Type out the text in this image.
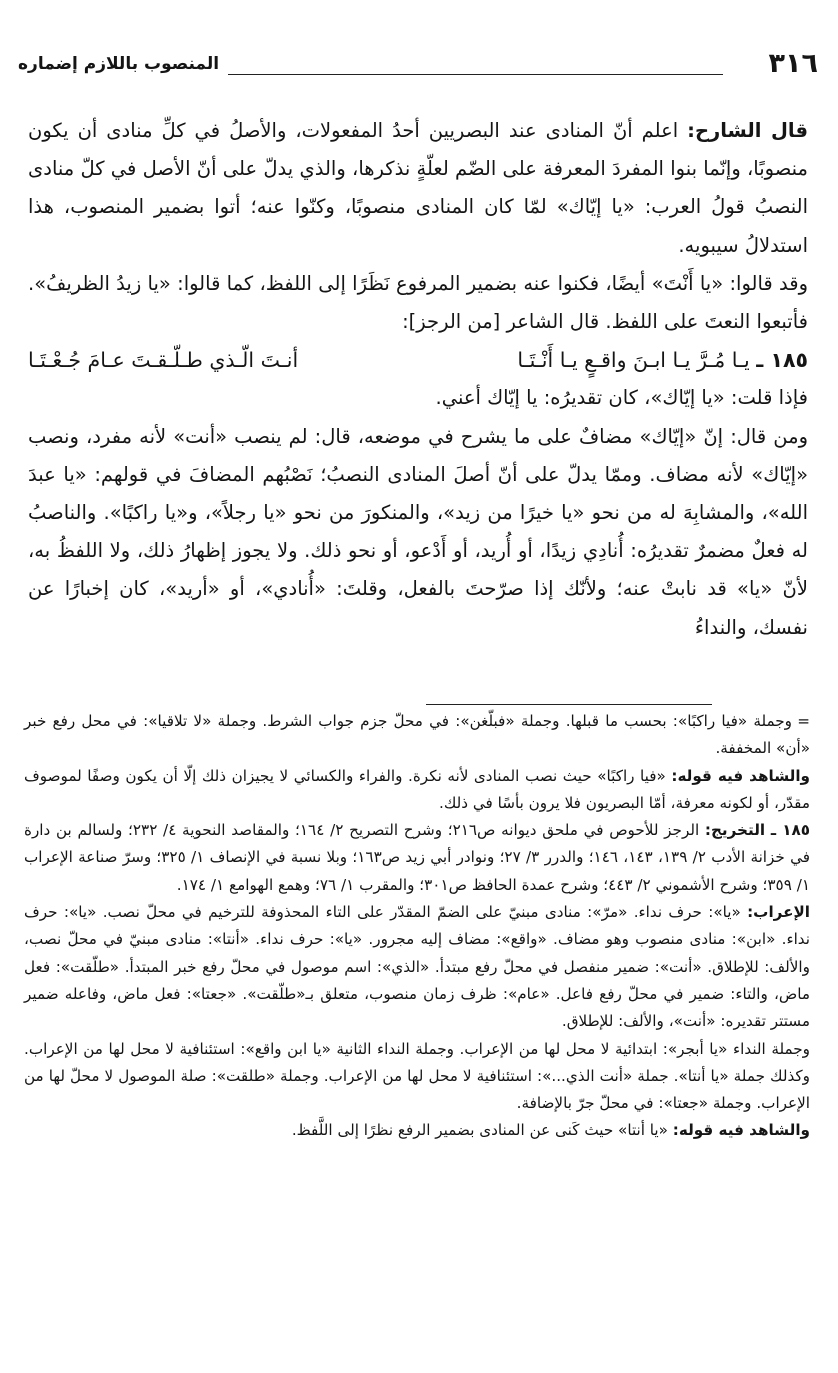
٣١٦
المنصوب باللازم إضماره

قال الشارح: اعلم أنّ المنادى عند البصريين أحدُ المفعولات، والأصلُ في كلِّ منادى أن يكون منصوبًا، وإنّما بنوا المفردَ المعرفة على الضّم لعلّةٍ نذكرها، والذي يدلّ على أنّ الأصل في كلّ منادى النصبُ قولُ العرب: «يا إيّاك» لمّا كان المنادى منصوبًا، وكنّوا عنه؛ أتوا بضمير المنصوب، هذا استدلالُ سيبويه.

وقد قالوا: «يا أَنْتَ» أيضًا، فكنوا عنه بضمير المرفوع نَظَرًا إلى اللفظ، كما قالوا: «يا زيدُ الظريفُ». فأتبعوا النعتَ على اللفظ. قال الشاعر [من الرجز]:

١٨٥ ـ يـا مُـرَّ يـا ابـنَ واقـعٍ يـا أَنْـتَـا
أنـتَ الّـذي طـلّـقـتَ عـامَ جُـعْـتَـا

فإذا قلت: «يا إيّاك»، كان تقديرُه: يا إيّاك أعني.

ومن قال: إنّ «إيّاك» مضافٌ على ما يشرح في موضعه، قال: لم ينصب «أنت» لأنه مفرد، ونصب «إيّاك» لأنه مضاف. وممّا يدلّ على أنّ أصلَ المنادى النصبُ؛ نَصْبُهم المضافَ في قولهم: «يا عبدَ الله»، والمشابِهَ له من نحو «يا خيرًا من زيد»، والمنكورَ من نحو «يا رجلاً»، و«يا راكبًا». والناصبُ له فعلٌ مضمرٌ تقديرُه: أُنادِي زيدًا، أو أُريد، أو أَدْعو، أو نحو ذلك. ولا يجوز إظهارُ ذلك، ولا اللفظُ به، لأنّ «يا» قد نابتْ عنه؛ ولأنّك إذا صرّحتَ بالفعل، وقلتَ: «أُنادي»، أو «أريد»، كان إخبارًا عن نفسك، والنداءُ

=وجملة «فيا راكبًا»: بحسب ما قبلها. وجملة «فبلّغن»: في محلّ جزم جواب الشرط. وجملة «لا تلاقيا»: في محل رفع خبر «أن» المخففة.

والشاهد فيه قوله: «فيا راكبًا» حيث نصب المنادى لأنه نكرة. والفراء والكسائي لا يجيزان ذلك إلّا أن يكون وصفًا لموصوف مقدّر، أو لكونه معرفة، أمّا البصريون فلا يرون بأسًا في ذلك.

١٨٥ ـ التخريج: الرجز للأحوص في ملحق ديوانه ص٢١٦؛ وشرح التصريح ٢/ ١٦٤؛ والمقاصد النحوية ٤/ ٢٣٢؛ ولسالم بن دارة في خزانة الأدب ٢/ ١٣٩، ١٤٣، ١٤٦؛ والدرر ٣/ ٢٧؛ ونوادر أبي زيد ص١٦٣؛ وبلا نسبة في الإنصاف ١/ ٣٢٥؛ وسرّ صناعة الإعراب ١/ ٣٥٩؛ وشرح الأشموني ٢/ ٤٤٣؛ وشرح عمدة الحافظ ص٣٠١؛ والمقرب ١/ ٧٦؛ وهمع الهوامع ١/ ١٧٤.

الإعراب: «يا»: حرف نداء. «مرّ»: منادى مبنيّ على الضمّ المقدّر على التاء المحذوفة للترخيم في محلّ نصب. «يا»: حرف نداء. «ابن»: منادى منصوب وهو مضاف. «واقع»: مضاف إليه مجرور. «يا»: حرف نداء. «أنتا»: منادى مبنيّ في محلّ نصب، والألف: للإطلاق. «أنت»: ضمير منفصل في محلّ رفع مبتدأ. «الذي»: اسم موصول في محلّ رفع خبر المبتدأ. «طلّقت»: فعل ماض، والتاء: ضمير في محلّ رفع فاعل. «عام»: ظرف زمان منصوب، متعلق بـ«طلّقت». «جعتا»: فعل ماض، وفاعله ضمير مستتر تقديره: «أنت»، والألف: للإطلاق.

وجملة النداء «يا أبجر»: ابتدائية لا محل لها من الإعراب. وجملة النداء الثانية «يا ابن واقع»: استئنافية لا محل لها من الإعراب. وكذلك جملة «يا أنتا». جملة «أنت الذي...»: استئنافية لا محل لها من الإعراب. وجملة «طلقت»: صلة الموصول لا محلّ لها من الإعراب. وجملة «جعتا»: في محلّ جرّ بالإضافة.

والشاهد فيه قوله: «يا أنتا» حيث كَنى عن المنادى بضمير الرفع نظرًا إلى اللَّفظ.
